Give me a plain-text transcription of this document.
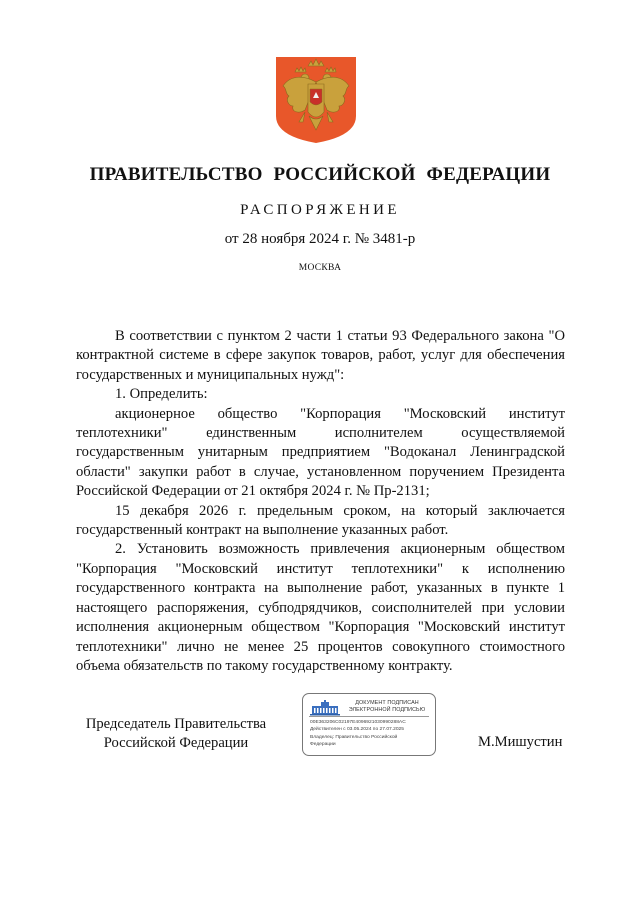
ПРАВИТЕЛЬСТВО РОССИЙСКОЙ ФЕДЕРАЦИИ
РАСПОРЯЖЕНИЕ
от 28 ноября 2024 г. № 3481-р
МОСКВА

В соответствии с пунктом 2 части 1 статьи 93 Федерального закона "О контрактной системе в сфере закупок товаров, работ, услуг для обеспечения государственных и муниципальных нужд":

1. Определить:

акционерное общество "Корпорация "Московский институт теплотехники" единственным исполнителем осуществляемой государственным унитарным предприятием "Водоканал Ленинградской области" закупки работ в случае, установленном поручением Президента Российской Федерации от 21 октября 2024 г. № Пр-2131;

15 декабря 2026 г. предельным сроком, на который заключается государственный контракт на выполнение указанных работ.

2. Установить возможность привлечения акционерным обществом "Корпорация "Московский институт теплотехники" к исполнению государственного контракта на выполнение работ, указанных в пункте 1 настоящего распоряжения, субподрядчиков, соисполнителей при условии исполнения акционерным обществом "Корпорация "Московский институт теплотехники" лично не менее 25 процентов совокупного стоимостного объема обязательств по такому государственному контракту.

Председатель Правительства
Российской Федерации
ДОКУМЕНТ ПОДПИСАН
ЭЛЕКТРОННОЙ ПОДПИСЬЮ
00E363206C02197E4096921030990288AC
Действителен с 03.05.2024 по 27.07.2025
Владелец: Правительство Российской
Федерации	М.Мишустин
